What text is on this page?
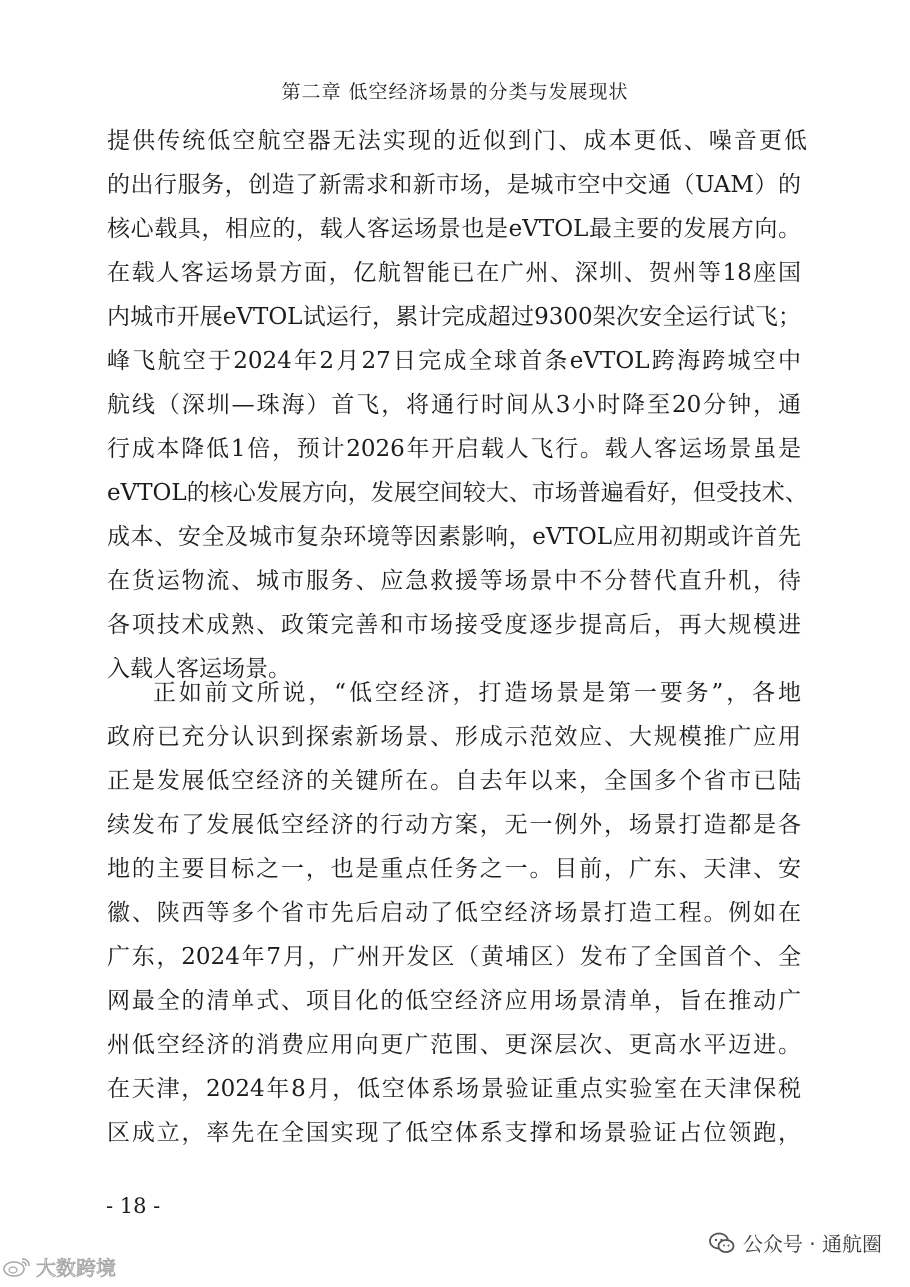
第二章 低空经济场景的分类与发展现状
提供传统低空航空器无法实现的近似到门、成本更低、噪音更低
的出行服务，创造了新需求和新市场，是城市空中交通（UAM）的
核心载具，相应的，载人客运场景也是eVTOL最主要的发展方向。
在载人客运场景方面，亿航智能已在广州、深圳、贺州等18座国
内城市开展eVTOL试运行，累计完成超过9300架次安全运行试飞；
峰飞航空于2024年2月27日完成全球首条eVTOL跨海跨城空中
航线（深圳—珠海）首飞，将通行时间从3小时降至20分钟，通
行成本降低1倍，预计2026年开启载人飞行。载人客运场景虽是
eVTOL的核心发展方向，发展空间较大、市场普遍看好，但受技术、
成本、安全及城市复杂环境等因素影响，eVTOL应用初期或许首先
在货运物流、城市服务、应急救援等场景中不分替代直升机，待
各项技术成熟、政策完善和市场接受度逐步提高后，再大规模进
入载人客运场景。
正如前文所说，“低空经济，打造场景是第一要务”，各地
政府已充分认识到探索新场景、形成示范效应、大规模推广应用
正是发展低空经济的关键所在。自去年以来，全国多个省市已陆
续发布了发展低空经济的行动方案，无一例外，场景打造都是各
地的主要目标之一，也是重点任务之一。目前，广东、天津、安
徽、陕西等多个省市先后启动了低空经济场景打造工程。例如在
广东，2024年7月，广州开发区（黄埔区）发布了全国首个、全
网最全的清单式、项目化的低空经济应用场景清单，旨在推动广
州低空经济的消费应用向更广范围、更深层次、更高水平迈进。
在天津，2024年8月，低空体系场景验证重点实验室在天津保税
区成立，率先在全国实现了低空体系支撑和场景验证占位领跑，
- 18 -
公众号 · 通航圈
大数跨境
